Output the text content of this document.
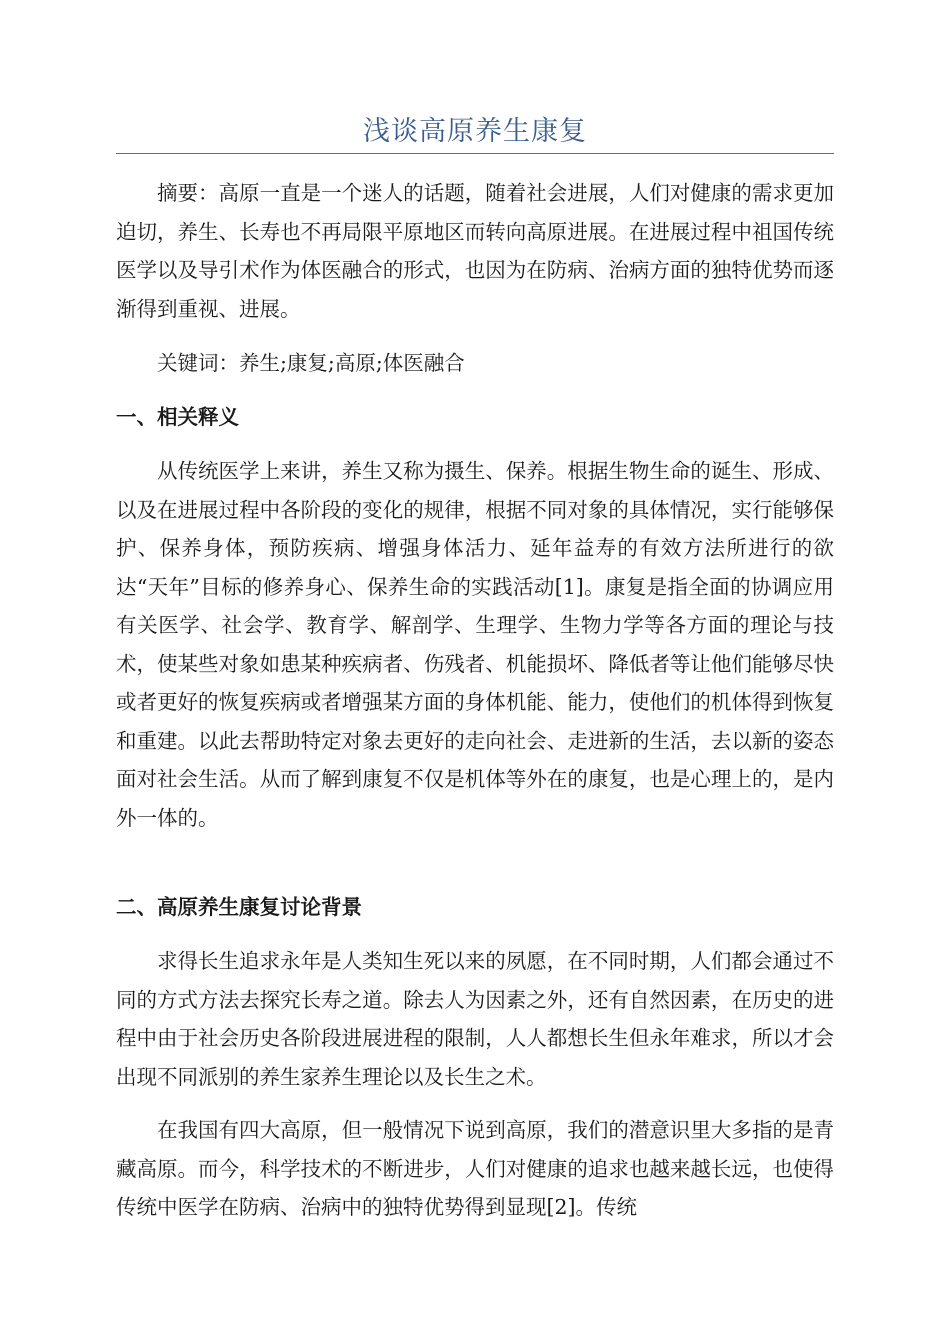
浅谈高原养生康复

摘要：高原一直是一个迷人的话题，随着社会进展，人们对健康的需求更加迫切，养生、长寿也不再局限平原地区而转向高原进展。在进展过程中祖国传统医学以及导引术作为体医融合的形式，也因为在防病、治病方面的独特优势而逐渐得到重视、进展。

关键词：养生;康复;高原;体医融合

一、相关释义

从传统医学上来讲，养生又称为摄生、保养。根据生物生命的诞生、形成、以及在进展过程中各阶段的变化的规律，根据不同对象的具体情况，实行能够保护、保养身体，预防疾病、增强身体活力、延年益寿的有效方法所进行的欲达“天年”目标的修养身心、保养生命的实践活动[1]。康复是指全面的协调应用有关医学、社会学、教育学、解剖学、生理学、生物力学等各方面的理论与技术，使某些对象如患某种疾病者、伤残者、机能损坏、降低者等让他们能够尽快或者更好的恢复疾病或者增强某方面的身体机能、能力，使他们的机体得到恢复和重建。以此去帮助特定对象去更好的走向社会、走进新的生活，去以新的姿态面对社会生活。从而了解到康复不仅是机体等外在的康复，也是心理上的，是内外一体的。

二、高原养生康复讨论背景

求得长生追求永年是人类知生死以来的夙愿，在不同时期，人们都会通过不同的方式方法去探究长寿之道。除去人为因素之外，还有自然因素，在历史的进程中由于社会历史各阶段进展进程的限制，人人都想长生但永年难求，所以才会出现不同派别的养生家养生理论以及长生之术。

在我国有四大高原，但一般情况下说到高原，我们的潜意识里大多指的是青藏高原。而今，科学技术的不断进步，人们对健康的追求也越来越长远，也使得传统中医学在防病、治病中的独特优势得到显现[2]。传统
